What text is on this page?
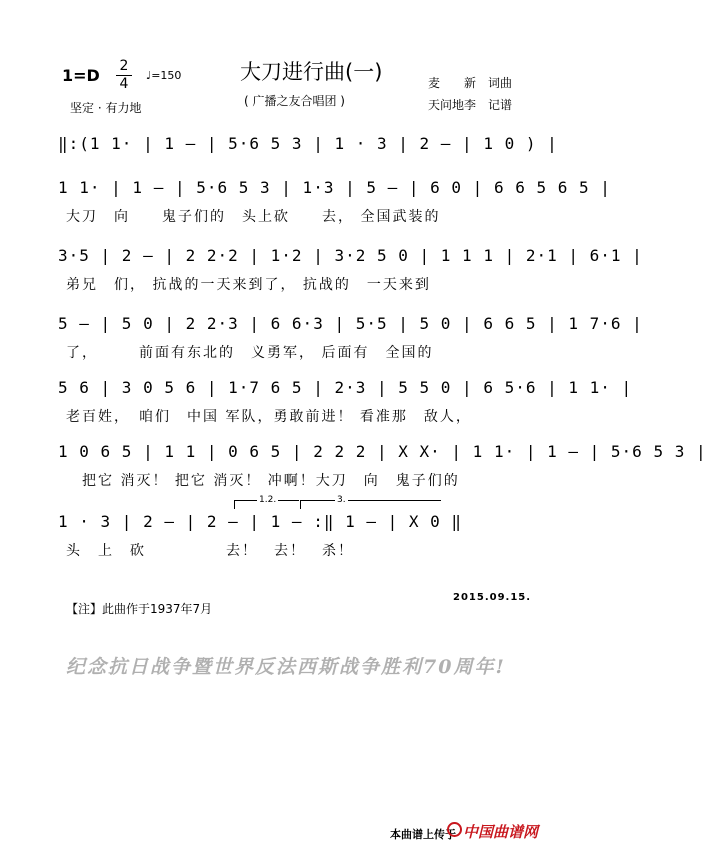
$1=D \frac{2}{4}$ ♩=150
坚定 · 有力地
大刀进行曲(一)
( 广播之友合唱团 )
麦　　新　词曲
天问地李　记谱
‖:(1 1· | 1 – | 5·6 5 3 | 1 · 3 | 2 – | 1 0 ) |
1 1· | 1 – | 5·6 5 3 | 1·3 | 5 – | 6 0 | 6 6 5 6 5 |
大刀　向　　鬼子们的　头上砍　　去， 全国武装的
3·5 | 2 – | 2 2·2 | 1·2 | 3·2 5 0 | 1 1 1 | 2·1 | 6·1 |
弟兄　们， 抗战的一天来到了， 抗战的　一天来到
5 – | 5 0 | 2 2·3 | 6 6·3 | 5·5 | 5 0 | 6 6 5 | 1 7·6 |
了，　　　前面有东北的　义勇军， 后面有　全国的
5 6 | 3 0 5 6 | 1·7 6 5 | 2·3 | 5 5 0 | 6 5·6 | 1 1· |
老百姓，　咱们　中国 军队，勇敢前进！ 看准那　敌人，
1 0 6 5 | 1 1 | 0 6 5 | 2 2 2 | X X· | 1 1· | 1 – | 5·6 5 3 |
　把它 消灭！ 把它 消灭！ 冲啊！大刀　向　鬼子们的
1.2.	3.
1 · 3 | 2 – | 2 – | 1 – :‖ 1 – | X 0 ‖
头　上　砍　　　　　去！　去！　杀！
【注】此曲作于1937年7月
2015.09.15.
纪念抗日战争暨世界反法西斯战争胜利70周年!
本曲谱上传于 中国曲谱网
